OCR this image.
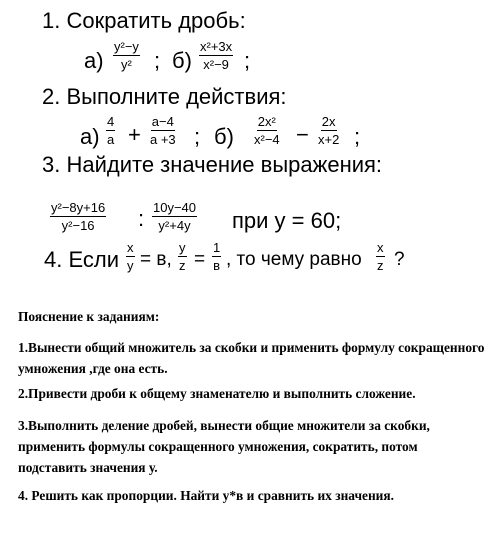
1. Сократить дробь:
$а) \frac{\text{y²−y}}{\text{y²}}$ ; $б) \frac{\text{x²+3x}}{\text{x²−9}}$ ;
2. Выполните действия:
$а) \frac{4}{a} + \frac{a-4}{a +3}$ ; $б) \frac{\text{2x²}}{\text{x²−4}} - \frac{2x}{x+2}$ ;
3. Найдите значение выражения:
$\frac{\text{y²−8y+16}}{\text{y²−16}}$ : $\frac{10y-40}{\text{y²+4y}}$ при y = 60;
4. Если $\frac{x}{y} = в$, $\frac{y}{z}$ =
1
в , то чему равно $\frac{x}{z}$ ?
Пояснение к заданиям:
1.Вынести общий множитель за скобки и применить формулу сокращенного умножения ,где она есть.
2.Привести дроби к общему знаменателю и выполнить сложение.
3.Выполнить деление дробей, вынести общие множители за скобки, применить формулы сокращенного умножения, сократить, потом подставить значения у.
4. Решить как пропорции. Найти у*в и сравнить их значения.
